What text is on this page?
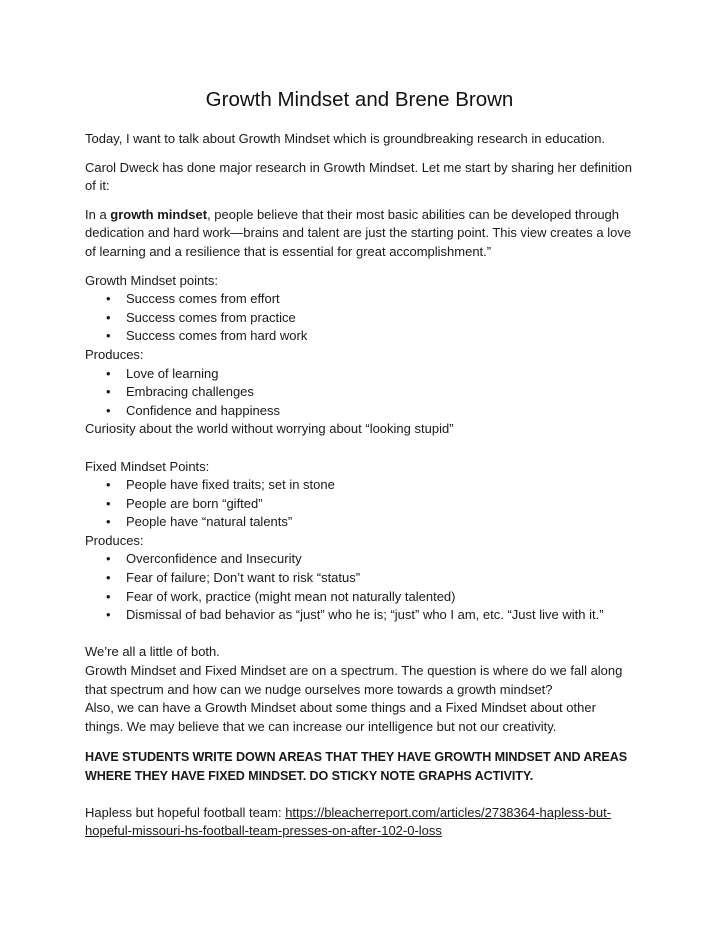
Growth Mindset and Brene Brown

Today, I want to talk about Growth Mindset which is groundbreaking research in education.

Carol Dweck has done major research in Growth Mindset. Let me start by sharing her definition of it:

In a growth mindset, people believe that their most basic abilities can be developed through dedication and hard work—brains and talent are just the starting point. This view creates a love of learning and a resilience that is essential for great accomplishment.”

Growth Mindset points:

•	Success comes from effort
•	Success comes from practice
•	Success comes from hard work

Produces:

•	Love of learning
•	Embracing challenges
•	Confidence and happiness

Curiosity about the world without worrying about “looking stupid”

Fixed Mindset Points:

•	People have fixed traits; set in stone
•	People are born “gifted”
•	People have “natural talents”

Produces:

•	Overconfidence and Insecurity
•	Fear of failure; Don’t want to risk “status”
•	Fear of work, practice (might mean not naturally talented)
•	Dismissal of bad behavior as “just” who he is; “just” who I am, etc. “Just live with it.”

We’re all a little of both.

Growth Mindset and Fixed Mindset are on a spectrum. The question is where do we fall along that spectrum and how can we nudge ourselves more towards a growth mindset?

Also, we can have a Growth Mindset about some things and a Fixed Mindset about other things. We may believe that we can increase our intelligence but not our creativity.

HAVE STUDENTS WRITE DOWN AREAS THAT THEY HAVE GROWTH MINDSET AND AREAS WHERE THEY HAVE FIXED MINDSET. DO STICKY NOTE GRAPHS ACTIVITY.

Hapless but hopeful football team: https://bleacherreport.com/articles/2738364-hapless-but-hopeful-missouri-hs-football-team-presses-on-after-102-0-loss
